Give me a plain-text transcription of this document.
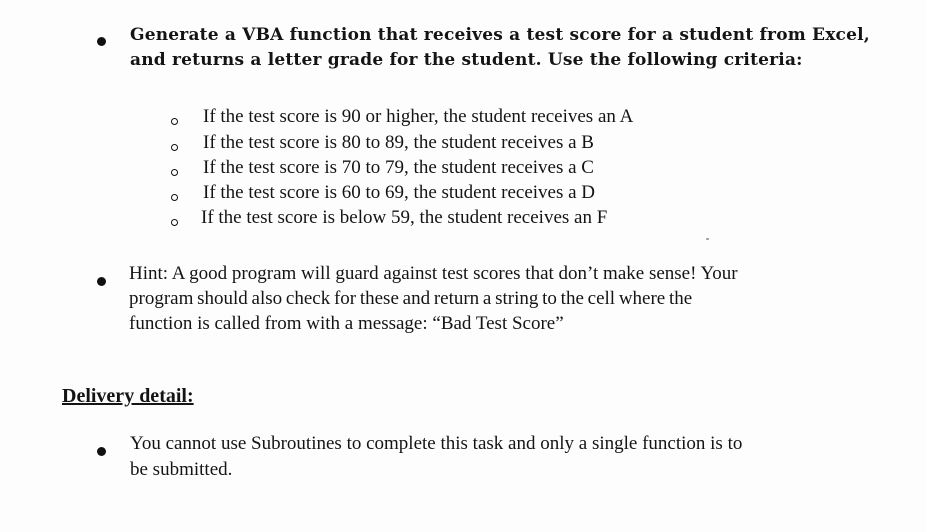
Generate a VBA function that receives a test score for a student from Excel,
and returns a letter grade for the student. Use the following criteria:
If the test score is 90 or higher, the student receives an A
If the test score is 80 to 89, the student receives a B
If the test score is 70 to 79, the student receives a C
If the test score is 60 to 69, the student receives a D
If the test score is below 59, the student receives an F
Hint: A good program will guard against test scores that don’t make sense! Your
program should also check for these and return a string to the cell where the
function is called from with a message: “Bad Test Score”
Delivery detail:
You cannot use Subroutines to complete this task and only a single function is to
be submitted.
